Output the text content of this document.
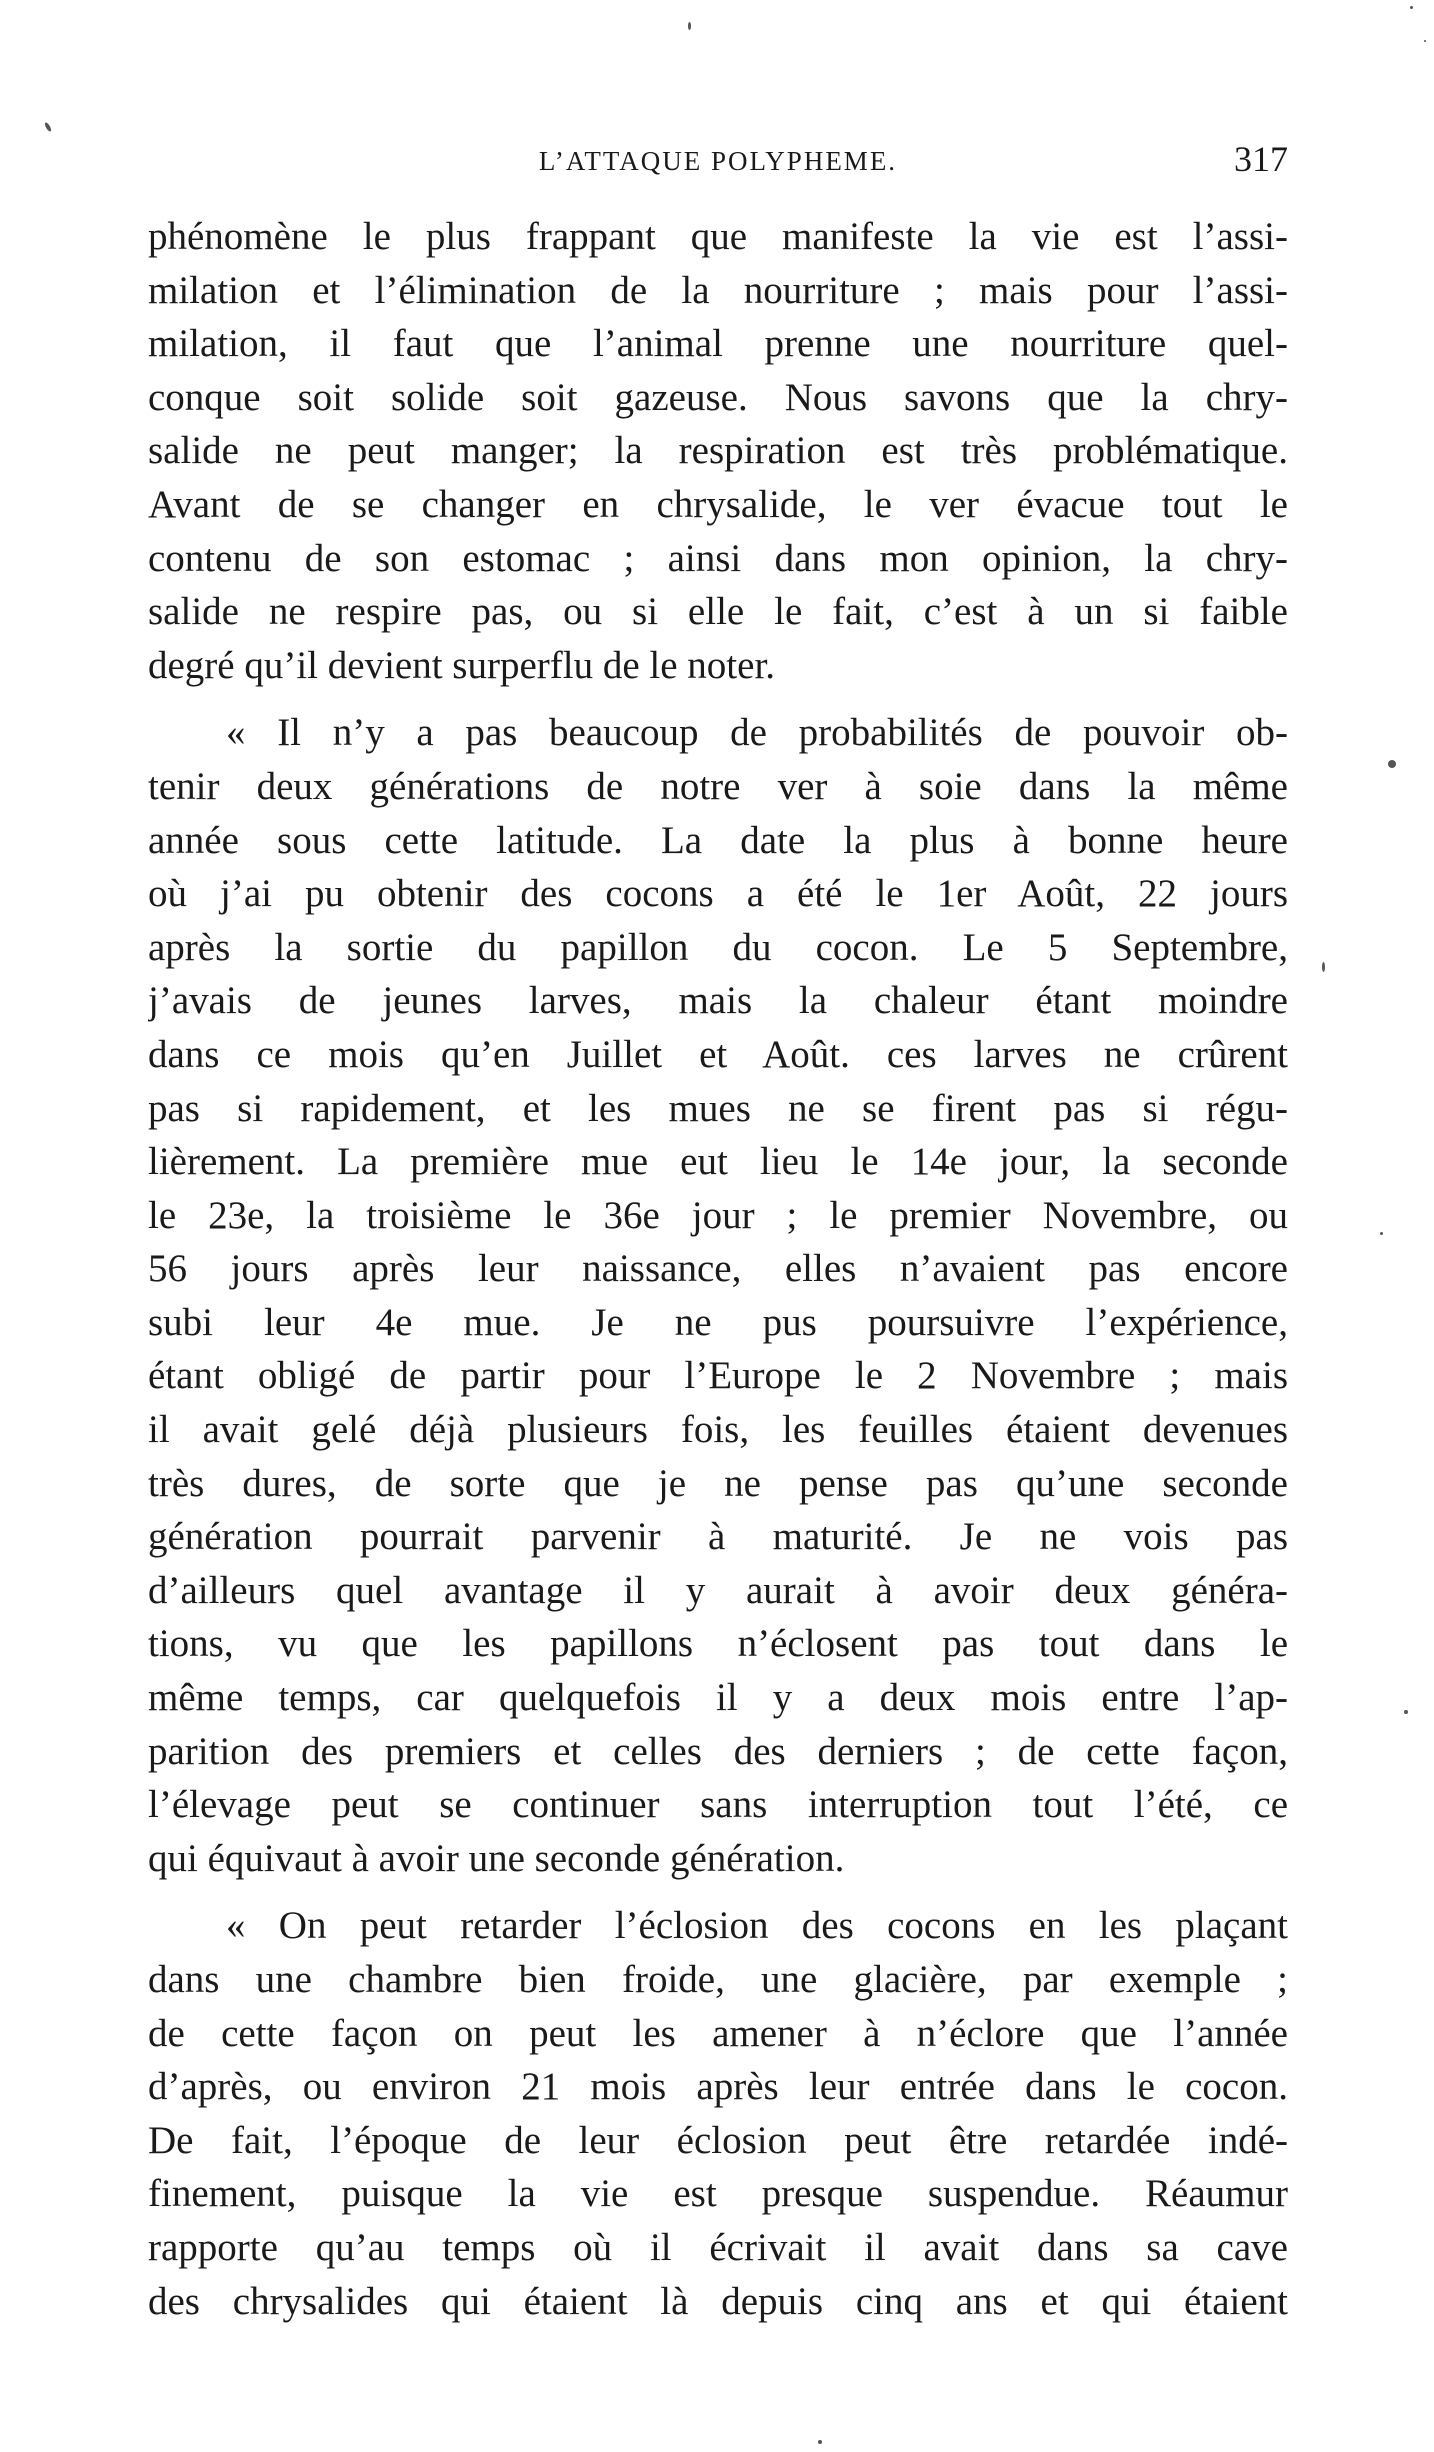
L’ATTAQUE POLYPHEME.	317
phénomène le plus frappant que manifeste la vie est l’assi-
milation et l’élimination de la nourriture ; mais pour l’assi-
milation, il faut que l’animal prenne une nourriture quel-
conque soit solide soit gazeuse. Nous savons que la chry-
salide ne peut manger; la respiration est très problématique.
Avant de se changer en chrysalide, le ver évacue tout le
contenu de son estomac ; ainsi dans mon opinion, la chry-
salide ne respire pas, ou si elle le fait, c’est à un si faible
degré qu’il devient surperflu de le noter.
« Il n’y a pas beaucoup de probabilités de pouvoir ob-
tenir deux générations de notre ver à soie dans la même
année sous cette latitude. La date la plus à bonne heure
où j’ai pu obtenir des cocons a été le 1er Août, 22 jours
après la sortie du papillon du cocon. Le 5 Septembre,
j’avais de jeunes larves, mais la chaleur étant moindre
dans ce mois qu’en Juillet et Août. ces larves ne crûrent
pas si rapidement, et les mues ne se firent pas si régu-
lièrement. La première mue eut lieu le 14e jour, la seconde
le 23e, la troisième le 36e jour ; le premier Novembre, ou
56 jours après leur naissance, elles n’avaient pas encore
subi leur 4e mue. Je ne pus poursuivre l’expérience,
étant obligé de partir pour l’Europe le 2 Novembre ; mais
il avait gelé déjà plusieurs fois, les feuilles étaient devenues
très dures, de sorte que je ne pense pas qu’une seconde
génération pourrait parvenir à maturité. Je ne vois pas
d’ailleurs quel avantage il y aurait à avoir deux généra-
tions, vu que les papillons n’éclosent pas tout dans le
même temps, car quelquefois il y a deux mois entre l’ap-
parition des premiers et celles des derniers ; de cette façon,
l’élevage peut se continuer sans interruption tout l’été, ce
qui équivaut à avoir une seconde génération.
« On peut retarder l’éclosion des cocons en les plaçant
dans une chambre bien froide, une glacière, par exemple ;
de cette façon on peut les amener à n’éclore que l’année
d’après, ou environ 21 mois après leur entrée dans le cocon.
De fait, l’époque de leur éclosion peut être retardée indé-
finement, puisque la vie est presque suspendue. Réaumur
rapporte qu’au temps où il écrivait il avait dans sa cave
des chrysalides qui étaient là depuis cinq ans et qui étaient
